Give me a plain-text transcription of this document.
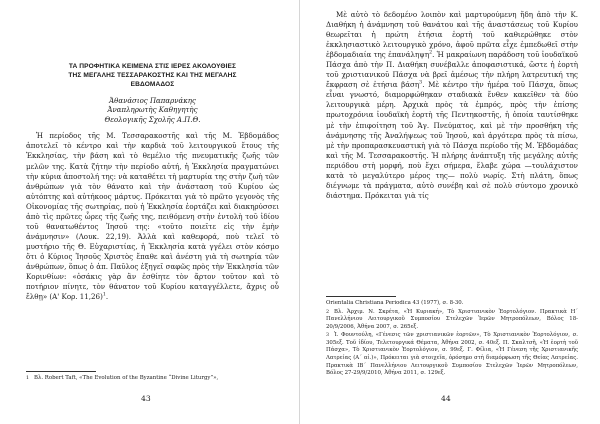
ΤΑ ΠΡΟΦΗΤΙΚΑ ΚΕΙΜΕΝΑ ΣΤΙΣ ΙΕΡΕΣ ΑΚΟΛΟΥΘΙΕΣ
ΤΗΣ ΜΕΓΑΛΗΣ ΤΕΣΣΑΡΑΚΟΣΤΗΣ ΚΑΙ ΤΗΣ ΜΕΓΑΛΗΣ
ΕΒΔΟΜΑΔΟΣ
Ἀθανάσιος Παπαρνάκης
Ἀναπληρωτὴς Καθηγητὴς
Θεολογικῆς Σχολῆς Α.Π.Θ.

Ἡ περίοδος τῆς Μ. Τεσσαρακοστῆς καὶ τῆς Μ. Ἑβδομάδος ἀποτελεῖ τὸ κέντρο καὶ τὴν καρδιὰ τοῦ λειτουργικοῦ ἔτους τῆς Ἐκκλησίας, τὴν βάση καὶ τὸ θεμέλιο τῆς πνευματικῆς ζωῆς τῶν μελῶν της. Κατὰ ζήτην τὴν περίοδο αὐτή, ἡ Ἐκκλησία πραγματώνει τὴν κύρια ἀποστολή της: νὰ καταθέτει τὴ μαρτυρία της στὴν ζωὴ τῶν ἀνθρώπων γιὰ τὸν θάνατο καὶ τὴν ἀνάσταση τοῦ Κυρίου ὡς αὐτόπτης καὶ αὐτήκοος μάρτυς. Πρόκειται γιὰ τὸ πρῶτο γεγονὸς τῆς Οἰκονομίας τῆς σωτηρίας, ποὺ ἡ Ἐκκλησία ἑορτάζει καὶ διακηρύσσει ἀπὸ τὶς πρῶτες ὧρες τῆς ζωῆς της, πειθόμενη στὴν ἐντολὴ τοῦ ἰδίου τοῦ θανατωθέντος Ἰησοῦ της: «τοῦτο ποιεῖτε εἰς τὴν ἐμὴν ἀνάμνησιν» (Λουκ. 22,19). Ἀλλὰ καὶ καθεφορά, ποὺ τελεῖ τὸ μυστήριο τῆς Θ. Εὐχαριστίας, ἡ Ἐκκλησία κατὰ γγέλει στὸν κόσμο ὅτι ὁ Κύριος Ἰησοῦς Χριστὸς ἔπαθε καὶ ἀνέστη γιὰ τὴ σωτηρία τῶν ἀνθρώπων, ὅπως ὁ ἀπ. Παῦλος ἐξηγεῖ σαφῶς πρὸς τὴν Ἐκκλησία τῶν Κορινθίων: «ὁσάκις γὰρ ἂν ἐσθίητε τὸν ἄρτον τοῦτον καὶ τὸ ποτήριον πίνητε, τὸν θάνατον τοῦ Κυρίου καταγγέλλετε, ἄχρις οὗ ἔλθῃ» (Α' Κορ. 11,26)$^1$.

1 Βλ. Robert Taft, «The Evolution of the Byzantine “Divine Liturgy”»,

43

Μὲ αὐτὸ τὸ δεδομένο λοιπὸν καὶ μαρτυρούμενη ἤδη ἀπὸ τὴν Κ. Διαθήκη ἡ ἀνάμνηση τοῦ θανάτου καὶ τῆς ἀναστάσεως τοῦ Κυρίου θεωρεῖται ἡ πρώτη ἑτήσια ἑορτὴ τοῦ καθιερώθηκε στὸν ἐκκλησιαστικὸ λειτουργικὸ χρόνο, ἀφοῦ πρῶτα εἶχε ἐμπεδωθεῖ στὴν ἑβδομαδιαία της ἐπανάληψη$^2$. Ἡ μακραίωνη παράδοση τοῦ ἰουδαϊκοῦ Πάσχα ἀπὸ τὴν Π. Διαθήκη συνέβαλλε ἀποφασιστικά, ὥστε ἡ ἑορτὴ τοῦ χριστιανικοῦ Πάσχα νὰ βρεῖ ἀμέσως τὴν πλήρη λατρευτική της ἔκφραση σὲ ἐτήσια βάση$^3$. Μὲ κέντρο τὴν ἡμέρα τοῦ Πάσχα, ὅπως εἶναι γνωστό, διαμορφώθηκαν σταδιακὰ ἔνθεν κακεῖθεν τὰ δύο λειτουργικὰ μέρη. Ἀρχικὰ πρὸς τὰ ἐμπρός, πρὸς τὴν ἐπίσης πρωτοχρόνια ἰουδαϊκὴ ἑορτὴ τῆς Πεντηκοστῆς, ἡ ὁποία ταυτίσθηκε μὲ τὴν ἐπιφοίτηση τοῦ Ἁγ. Πνεύματος, καὶ μὲ τὴν προσθήκη τῆς ἀνάμνησης τῆς Ἀναλήψεως τοῦ Ἰησοῦ, καὶ ἀργότερα πρὸς τὰ πίσω, μὲ τὴν προπαρασκευαστικὴ γιὰ τὸ Πάσχα περίοδο τῆς Μ. Ἑβδομάδας καὶ τῆς Μ. Τεσσαρακοστῆς. Ἡ πλήρης ἀνάπτυξη τῆς μεγάλης αὐτῆς περιόδου στὴ μορφή, ποὺ ἔχει σήμερα, ἔλαβε χώρα —τουλάχιστον κατὰ τὸ μεγαλύτερο μέρος της— πολὺ νωρίς. Στὴ πλάτη, ὅπως διέγνωμε τὰ πράγματα, αὐτὸ συνέβη καὶ σὲ πολὺ σύντομο χρονικὸ διάστημα. Πρόκειται γιὰ τίς

Orientalia Christiana Periodica 43 (1977), σ. 8-30.

2 Βλ. Ἀρχιμ. Ν. Σκρέτα, «Ἡ Κυριακή», Τὸ Χριστιανικὸν Ἑορτολόγιον. Πρακτικὰ Η΄ Πανελλήνιου Λειτουργικοῦ Συμποσίου Στελεχῶν Ἱερῶν Μητροπόλεων, Βόλος 18-20/9/2006, Ἀθήνα 2007, σ. 265εξ.

3 Ἰ. Φουντούλη, «Γένεσις τῶν χριστιανικῶν ἑορτῶν», Τὸ Χριστιανικὸν Ἑορτολόγιον, σ. 305εξ. Τοῦ ἰδίου, Τελετουργικά Θέματα, Ἀθήνα 2002, σ. 40εξ. Π. Σκαλτσῆ, «Ἡ ἑορτὴ τοῦ Πάσχα», Τὸ Χριστιανικὸν Ἑορτολόγιον, σ. 99εξ. Γ. Φίλια, «Ἡ Γένεση τῆς Χριστιανικῆς Λατρείας (Α΄ αἰ.)», Πρόκειται γιὰ στοιχεῖα, ὁρόσημο στὴ διαμόρφωση τῆς Θείας Λατρείας. Πρακτικὰ ΙΒ΄ Πανελλήνιου Λειτουργικοῦ Συμποσίου Στελεχῶν Ἱερῶν Μητροπόλεων, Βόλος 27-29/9/2010, Ἀθήνα 2011, σ. 129εξ.

44
